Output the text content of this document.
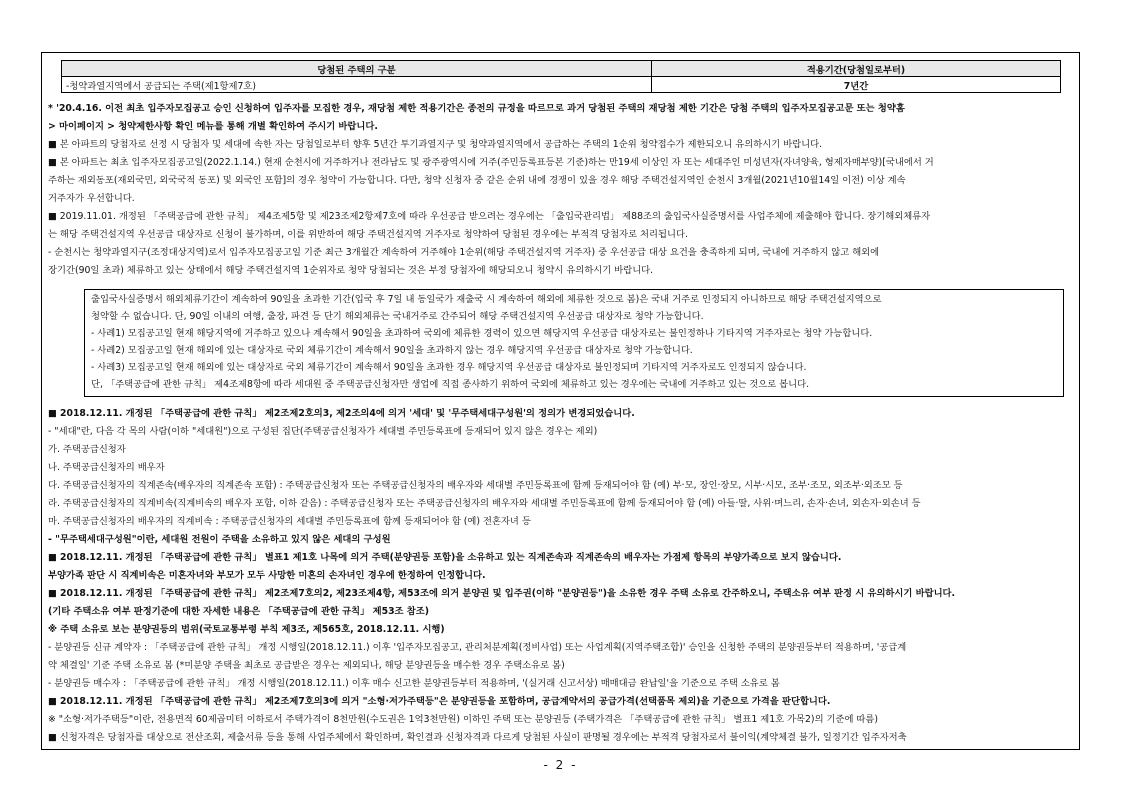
당첨된 주택의 구분	적용기간(당첨일로부터)
-청약과열지역에서 공급되는 주택(제1항제7호)	7년간
* '20.4.16. 이전 최초 입주자모집공고 승인 신청하여 입주자를 모집한 경우, 재당첨 제한 적용기간은 종전의 규정을 따르므로 과거 당첨된 주택의 재당첨 제한 기간은 당첨 주택의 입주자모집공고문 또는 청약홈
> 마이페이지 > 청약제한사항 확인 메뉴를 통해 개별 확인하여 주시기 바랍니다.
■ 본 아파트의 당첨자로 선정 시 당첨자 및 세대에 속한 자는 당첨일로부터 향후 5년간 투기과열지구 및 청약과열지역에서 공급하는 주택의 1순위 청약접수가 제한되오니 유의하시기 바랍니다.
■ 본 아파트는 최초 입주자모집공고일(2022.1.14.) 현재 순천시에 거주하거나 전라남도 및 광주광역시에 거주(주민등록표등본 기준)하는 만19세 이상인 자 또는 세대주인 미성년자(자녀양육, 형제자매부양)[국내에서 거
주하는 재외동포(재외국민, 외국국적 동포) 및 외국인 포함]의 경우 청약이 가능합니다. 다만, 청약 신청자 중 같은 순위 내에 경쟁이 있을 경우 해당 주택건설지역인 순천시 3개월(2021년10월14일 이전) 이상 계속
거주자가 우선합니다.
■ 2019.11.01. 개정된 「주택공급에 관한 규칙」 제4조제5항 및 제23조제2항제7호에 따라 우선공급 받으려는 경우에는 「출입국관리법」 제88조의 출입국사실증명서를 사업주체에 제출해야 합니다. 장기해외체류자
는 해당 주택건설지역 우선공급 대상자로 신청이 불가하며, 이를 위반하여 해당 주택건설지역 거주자로 청약하여 당첨된 경우에는 부적격 당첨자로 처리됩니다.
- 순천시는 청약과열지구(조정대상지역)로서 입주자모집공고일 기준 최근 3개월간 계속하여 거주해야 1순위(해당 주택건설지역 거주자) 중 우선공급 대상 요건을 충족하게 되며, 국내에 거주하지 않고 해외에
장기간(90일 초과) 체류하고 있는 상태에서 해당 주택건설지역 1순위자로 청약 당첨되는 것은 부정 당첨자에 해당되오니 청약시 유의하시기 바랍니다.
출입국사실증명서 해외체류기간이 계속하여 90일을 초과한 기간(입국 후 7일 내 동일국가 재출국 시 계속하여 해외에 체류한 것으로 봄)은 국내 거주로 인정되지 아니하므로 해당 주택건설지역으로
청약할 수 없습니다. 단, 90일 이내의 여행, 출장, 파견 등 단기 해외체류는 국내거주로 간주되어 해당 주택건설지역 우선공급 대상자로 청약 가능합니다.
- 사례1) 모집공고일 현재 해당지역에 거주하고 있으나 계속해서 90일을 초과하여 국외에 체류한 경력이 있으면 해당지역 우선공급 대상자로는 불인정하나 기타지역 거주자로는 청약 가능합니다.
- 사례2) 모집공고일 현재 해외에 있는 대상자로 국외 체류기간이 계속해서 90일을 초과하지 않는 경우 해당지역 우선공급 대상자로 청약 가능합니다.
- 사례3) 모집공고일 현재 해외에 있는 대상자로 국외 체류기간이 계속해서 90일을 초과한 경우 해당지역 우선공급 대상자로 불인정되며 기타지역 거주자로도 인정되지 않습니다.
단, 「주택공급에 관한 규칙」 제4조제8항에 따라 세대원 중 주택공급신청자만 생업에 직접 종사하기 위하여 국외에 체류하고 있는 경우에는 국내에 거주하고 있는 것으로 봅니다.
■ 2018.12.11. 개정된 「주택공급에 관한 규칙」 제2조제2호의3, 제2조의4에 의거 '세대' 및 '무주택세대구성원'의 정의가 변경되었습니다.
- "세대"란, 다음 각 목의 사람(이하 "세대원")으로 구성된 집단(주택공급신청자가 세대별 주민등록표에 등재되어 있지 않은 경우는 제외)
가. 주택공급신청자
나. 주택공급신청자의 배우자
다. 주택공급신청자의 직계존속(배우자의 직계존속 포함) : 주택공급신청자 또는 주택공급신청자의 배우자와 세대별 주민등록표에 함께 등재되어야 함 (예) 부·모, 장인·장모, 시부·시모, 조부·조모, 외조부·외조모 등
라. 주택공급신청자의 직계비속(직계비속의 배우자 포함, 이하 같음) : 주택공급신청자 또는 주택공급신청자의 배우자와 세대별 주민등록표에 함께 등재되어야 함 (예) 아들·딸, 사위·며느리, 손자·손녀, 외손자·외손녀 등
마. 주택공급신청자의 배우자의 직계비속 : 주택공급신청자의 세대별 주민등록표에 함께 등재되어야 함 (예) 전혼자녀 등
- "무주택세대구성원"이란, 세대원 전원이 주택을 소유하고 있지 않은 세대의 구성원
■ 2018.12.11. 개정된 「주택공급에 관한 규칙」 별표1 제1호 나목에 의거 주택(분양권등 포함)을 소유하고 있는 직계존속과 직계존속의 배우자는 가점제 항목의 부양가족으로 보지 않습니다.
부양가족 판단 시 직계비속은 미혼자녀와 부모가 모두 사망한 미혼의 손자녀인 경우에 한정하여 인정합니다.
■ 2018.12.11. 개정된 「주택공급에 관한 규칙」 제2조제7호의2, 제23조제4항, 제53조에 의거 분양권 및 입주권(이하 "분양권등")을 소유한 경우 주택 소유로 간주하오니, 주택소유 여부 판정 시 유의하시기 바랍니다.
(기타 주택소유 여부 판정기준에 대한 자세한 내용은 「주택공급에 관한 규칙」 제53조 참조)
※ 주택 소유로 보는 분양권등의 범위(국토교통부령 부칙 제3조, 제565호, 2018.12.11. 시행)
- 분양권등 신규 계약자 : 「주택공급에 관한 규칙」 개정 시행일(2018.12.11.) 이후 '입주자모집공고, 관리처분계획(정비사업) 또는 사업계획(지역주택조합)' 승인을 신청한 주택의 분양권등부터 적용하며, '공급계
약 체결일' 기준 주택 소유로 봄 (*미분양 주택을 최초로 공급받은 경우는 제외되나, 해당 분양권등을 매수한 경우 주택소유로 봄)
- 분양권등 매수자 : 「주택공급에 관한 규칙」 개정 시행일(2018.12.11.) 이후 매수 신고한 분양권등부터 적용하며, '(실거래 신고서상) 매매대금 완납일'을 기준으로 주택 소유로 봄
■ 2018.12.11. 개정된 「주택공급에 관한 규칙」 제2조제7호의3에 의거 "소형·저가주택등"은 분양권등을 포함하며, 공급계약서의 공급가격(선택품목 제외)을 기준으로 가격을 판단합니다.
※ "소형·저가주택등"이란, 전용면적 60제곱미터 이하로서 주택가격이 8천만원(수도권은 1억3천만원) 이하인 주택 또는 분양권등 (주택가격은 「주택공급에 관한 규칙」 별표1 제1호 가목2)의 기준에 따름)
■ 신청자격은 당첨자를 대상으로 전산조회, 제출서류 등을 통해 사업주체에서 확인하며, 확인결과 신청자격과 다르게 당첨된 사실이 판명될 경우에는 부적격 당첨자로서 불이익(계약체결 불가, 일정기간 입주자저축
- 2 -
